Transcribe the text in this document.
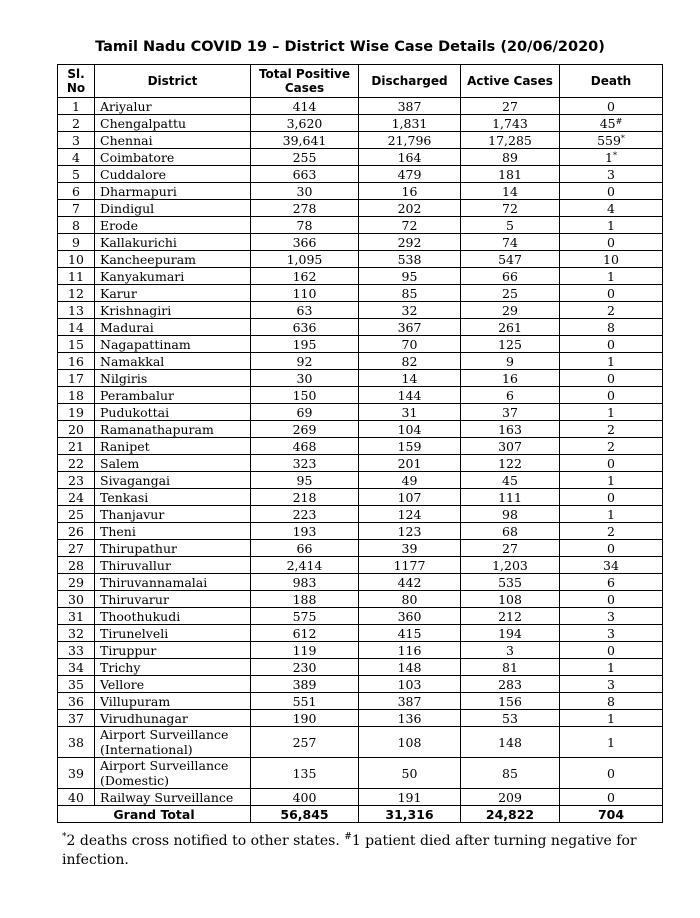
Tamil Nadu COVID 19 – District Wise Case Details (20/06/2020)
Sl.
No	District	Total Positive Cases	Discharged	Active Cases	Death
1	Ariyalur	414	387	27	0
2	Chengalpattu	3,620	1,831	1,743	45#
3	Chennai	39,641	21,796	17,285	559*
4	Coimbatore	255	164	89	1*
5	Cuddalore	663	479	181	3
6	Dharmapuri	30	16	14	0
7	Dindigul	278	202	72	4
8	Erode	78	72	5	1
9	Kallakurichi	366	292	74	0
10	Kancheepuram	1,095	538	547	10
11	Kanyakumari	162	95	66	1
12	Karur	110	85	25	0
13	Krishnagiri	63	32	29	2
14	Madurai	636	367	261	8
15	Nagapattinam	195	70	125	0
16	Namakkal	92	82	9	1
17	Nilgiris	30	14	16	0
18	Perambalur	150	144	6	0
19	Pudukottai	69	31	37	1
20	Ramanathapuram	269	104	163	2
21	Ranipet	468	159	307	2
22	Salem	323	201	122	0
23	Sivagangai	95	49	45	1
24	Tenkasi	218	107	111	0
25	Thanjavur	223	124	98	1
26	Theni	193	123	68	2
27	Thirupathur	66	39	27	0
28	Thiruvallur	2,414	1177	1,203	34
29	Thiruvannamalai	983	442	535	6
30	Thiruvarur	188	80	108	0
31	Thoothukudi	575	360	212	3
32	Tirunelveli	612	415	194	3
33	Tiruppur	119	116	3	0
34	Trichy	230	148	81	1
35	Vellore	389	103	283	3
36	Villupuram	551	387	156	8
37	Virudhunagar	190	136	53	1
38	Airport Surveillance (International)	257	108	148	1
39	Airport Surveillance (Domestic)	135	50	85	0
40	Railway Surveillance	400	191	209	0
Grand Total		56,845	31,316	24,822	704
*2 deaths cross notified to other states. #1 patient died after turning negative for infection.
